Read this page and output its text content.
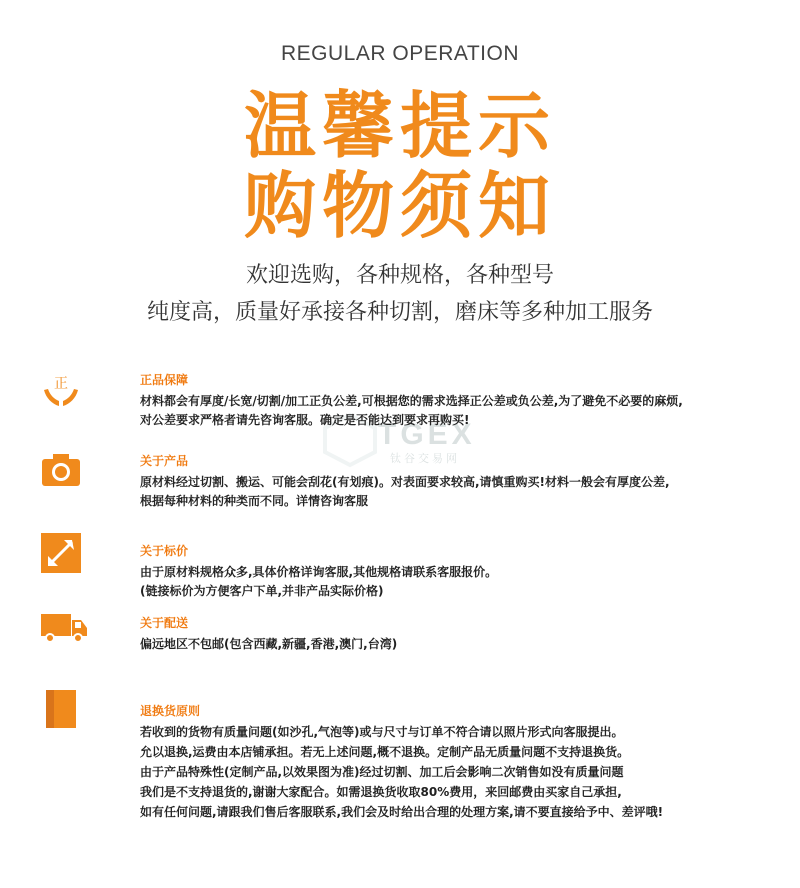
REGULAR OPERATION
温馨提示
购物须知
欢迎选购，各种规格，各种型号
纯度高，质量好承接各种切割，磨床等多种加工服务
TGEX
钛谷交易网
正	正品保障
材料都会有厚度/长宽/切割/加工正负公差,可根据您的需求选择正公差或负公差,为了避免不必要的麻烦,
对公差要求严格者请先咨询客服。确定是否能达到要求再购买!
关于产品
原材料经过切割、搬运、可能会刮花(有划痕)。对表面要求较高,请慎重购买!材料一般会有厚度公差,
根据每种材料的种类而不同。详情咨询客服
关于标价
由于原材料规格众多,具体价格详询客服,其他规格请联系客服报价。
(链接标价为方便客户下单,并非产品实际价格)
关于配送
偏远地区不包邮(包含西藏,新疆,香港,澳门,台湾)
退换货原则
若收到的货物有质量问题(如沙孔,气泡等)或与尺寸与订单不符合请以照片形式向客服提出。
允以退换,运费由本店铺承担。若无上述问题,概不退换。定制产品无质量问题不支持退换货。
由于产品特殊性(定制产品,以效果图为准)经过切割、加工后会影响二次销售如没有质量问题
我们是不支持退货的,谢谢大家配合。如需退换货收取80%费用，来回邮费由买家自己承担,
如有任何问题,请跟我们售后客服联系,我们会及时给出合理的处理方案,请不要直接给予中、差评哦!
